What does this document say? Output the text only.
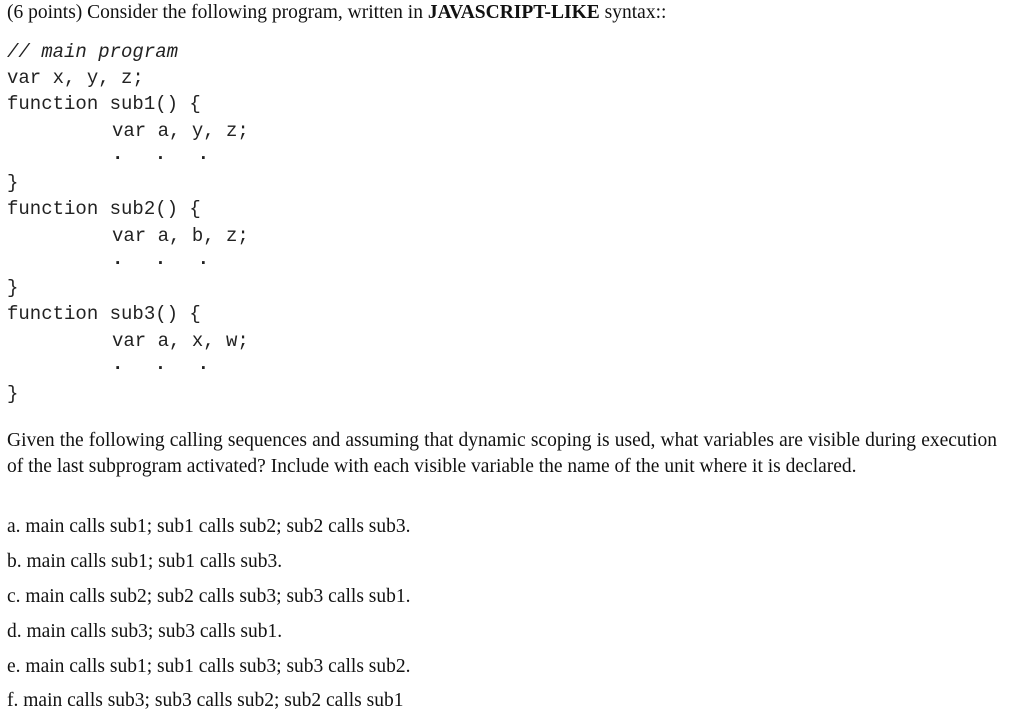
(6 points) Consider the following program, written in JAVASCRIPT-LIKE syntax::
// main program
var x, y, z;
function sub1() {
var a, y, z;
. . .
}
function sub2() {
var a, b, z;
. . .
}
function sub3() {
var a, x, w;
. . .
}
Given the following calling sequences and assuming that dynamic scoping is used, what variables are visible during execution of the last subprogram activated? Include with each visible variable the name of the unit where it is declared.
a. main calls sub1; sub1 calls sub2; sub2 calls sub3.
b. main calls sub1; sub1 calls sub3.
c. main calls sub2; sub2 calls sub3; sub3 calls sub1.
d. main calls sub3; sub3 calls sub1.
e. main calls sub1; sub1 calls sub3; sub3 calls sub2.
f. main calls sub3; sub3 calls sub2; sub2 calls sub1
